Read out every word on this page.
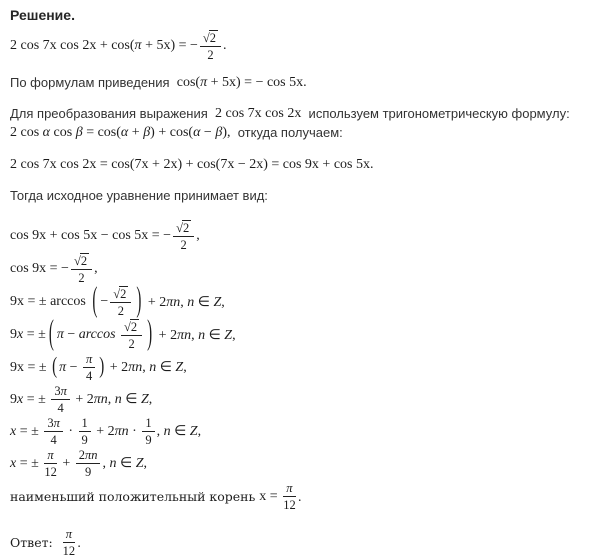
Решение.
2 cos 7x cos 2x + cos(π + 5x) = − $\frac{√ 2}{2}$ .
По формулам приведения cos(π + 5x) = − cos 5x.
Для преобразования выражения 2 cos 7x cos 2x используем тригонометрическую формулу:
2 cos α cos β = cos(α + β) + cos(α − β), откуда получаем:
2 cos 7x cos 2x = cos(7x + 2x) + cos(7x − 2x) = cos 9x + cos 5x.
Тогда исходное уравнение принимает вид:
cos 9x + cos 5x − cos 5x = − $\frac{√ 2}{2}$ ,
cos 9x = − $\frac{√ 2}{2}$ ,
9x = ± arccos ( − $\frac{√ 2}{2}$ ) + 2πn, n ∈ Z,
9x = ± ( $\pi - \arccos \frac{√ 2}{2}$ ) + 2πn, n ∈ Z,
9x = ± ( $\pi - \frac{\pi}{4}$ ) + 2πn, n ∈ Z,
9x = ± $\frac{3\pi}{4} + 2\pi n$, n ∈ Z,
x = ± $\frac{3\pi}{4} \cdot \frac{1}{9} + 2\pi n \cdot \frac{1}{9}$ , n ∈ Z,
x = ± $\frac{\pi}{12} + \frac{2\pi n}{9}$ , n ∈ Z,
наименьший положительный корень $x = \frac{\pi}{12}$ .
Ответ: $\frac{\pi}{12}$ .
